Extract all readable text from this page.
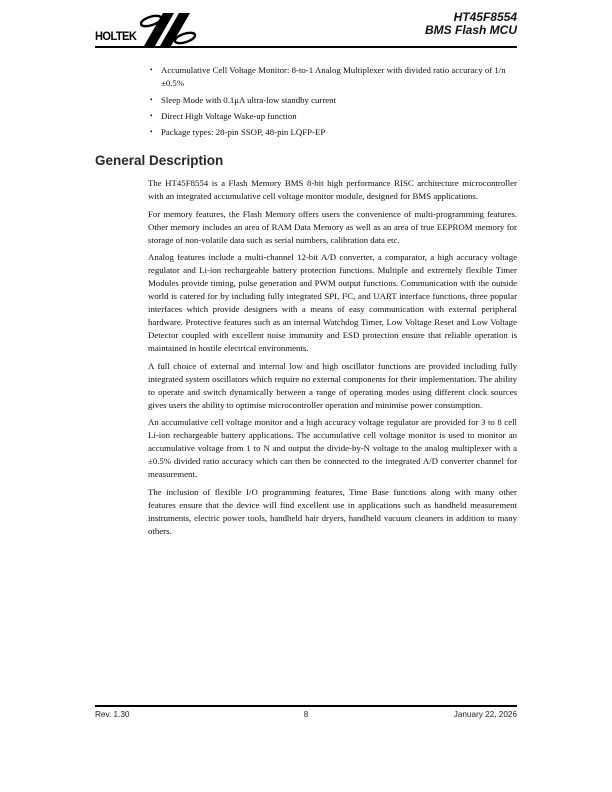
HOLTEK
HT45F8554
BMS Flash MCU
• Accumulative Cell Voltage Monitor: 8-to-1 Analog Multiplexer with divided ratio accuracy of 1/n ±0.5%
• Sleep Mode with 0.1μA ultra-low standby current
• Direct High Voltage Wake-up function
• Package types: 28-pin SSOP, 48-pin LQFP-EP
General Description

The HT45F8554 is a Flash Memory BMS 8-bit high performance RISC architecture microcontroller with an integrated accumulative cell voltage monitor module, designed for BMS applications.

For memory features, the Flash Memory offers users the convenience of multi-programming features. Other memory includes an area of RAM Data Memory as well as an area of true EEPROM memory for storage of non-volatile data such as serial numbers, calibration data etc.

Analog features include a multi-channel 12-bit A/D converter, a comparator, a high accuracy voltage regulator and Li-ion rechargeable battery protection functions. Multiple and extremely flexible Timer Modules provide timing, pulse generation and PWM output functions. Communication with the outside world is catered for by including fully integrated SPI, I²C, and UART interface functions, three popular interfaces which provide designers with a means of easy communication with external peripheral hardware. Protective features such as an internal Watchdog Timer, Low Voltage Reset and Low Voltage Detector coupled with excellent noise immunity and ESD protection ensure that reliable operation is maintained in hostile electrical environments.

A full choice of external and internal low and high oscillator functions are provided including fully integrated system oscillators which require no external components for their implementation. The ability to operate and switch dynamically between a range of operating modes using different clock sources gives users the ability to optimise microcontroller operation and minimise power consumption.

An accumulative cell voltage monitor and a high accuracy voltage regulator are provided for 3 to 8 cell Li-ion rechargeable battery applications. The accumulative cell voltage monitor is used to monitor an accumulative voltage from 1 to N and output the divide-by-N voltage to the analog multiplexer with a ±0.5% divided ratio accuracy which can then be connected to the integrated A/D converter channel for measurement.

The inclusion of flexible I/O programming features, Time Base functions along with many other features ensure that the device will find excellent use in applications such as handheld measurement instruments, electric power tools, handheld hair dryers, handheld vacuum cleaners in addition to many others.

Rev. 1.30	8	January 22, 2026
